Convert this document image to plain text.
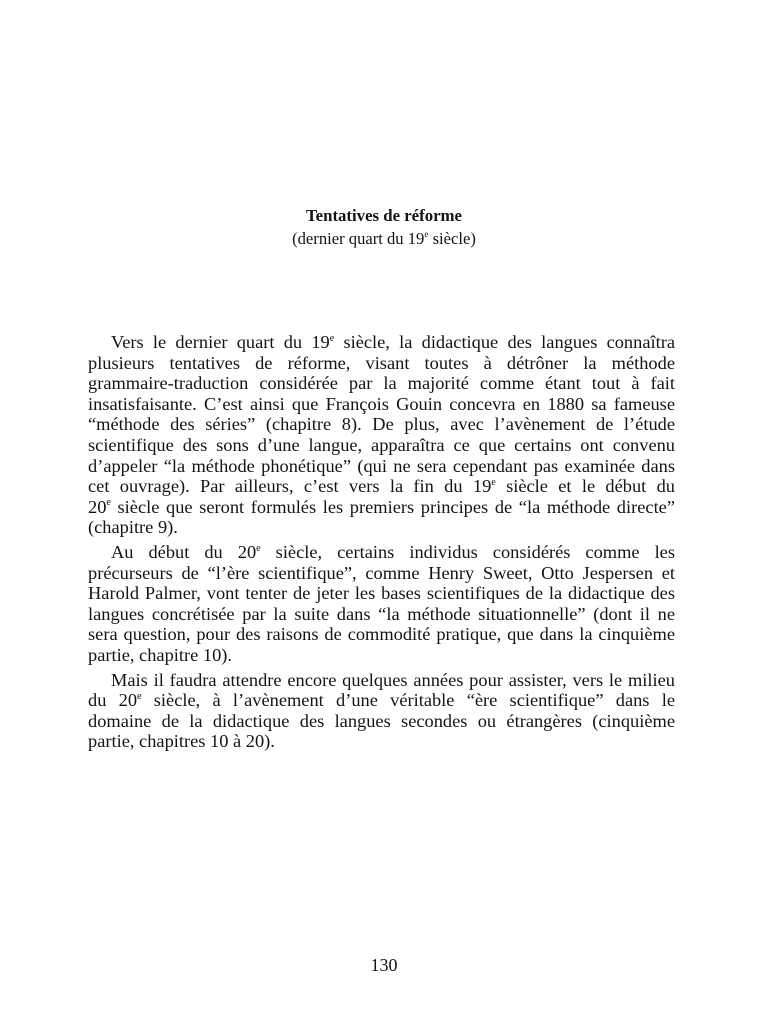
Tentatives de réforme
(dernier quart du 19e siècle)
Vers le dernier quart du 19e siècle, la didactique des langues connaîtra
plusieurs tentatives de réforme, visant toutes à détrôner la méthode
grammaire-traduction considérée par la majorité comme étant tout à fait
insatisfaisante. C’est ainsi que François Gouin concevra en 1880 sa fameuse
“méthode des séries” (chapitre 8). De plus, avec l’avènement de l’étude
scientifique des sons d’une langue, apparaîtra ce que certains ont convenu
d’appeler “la méthode phonétique” (qui ne sera cependant pas examinée dans
cet ouvrage). Par ailleurs, c’est vers la fin du 19e siècle et le début du
20e siècle que seront formulés les premiers principes de “la méthode directe”
(chapitre 9).
Au début du 20e siècle, certains individus considérés comme les
précurseurs de “l’ère scientifique”, comme Henry Sweet, Otto Jespersen et
Harold Palmer, vont tenter de jeter les bases scientifiques de la didactique des
langues concrétisée par la suite dans “la méthode situationnelle” (dont il ne
sera question, pour des raisons de commodité pratique, que dans la cinquième
partie, chapitre 10).
Mais il faudra attendre encore quelques années pour assister, vers le milieu
du 20e siècle, à l’avènement d’une véritable “ère scientifique” dans le
domaine de la didactique des langues secondes ou étrangères (cinquième
partie, chapitres 10 à 20).
130
